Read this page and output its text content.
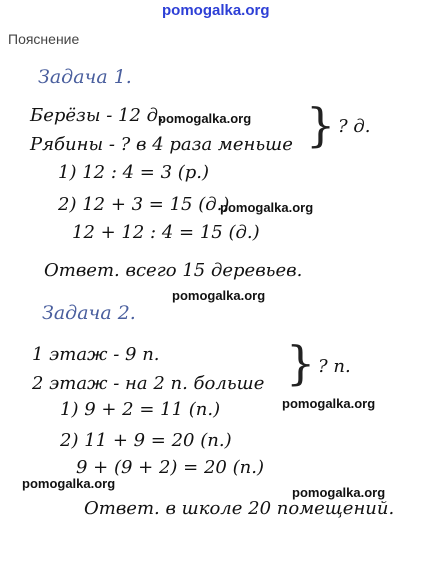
pomogalka.org
Пояснение
Задача 1.
Берёзы - 12 д.
Рябины - ? в 4 раза меньше } ? д.
1) 12 : 4 = 3 (р.)
2) 12 + 3 = 15 (д.)
12 + 12 : 4 = 15 (д.)
Ответ. всего 15 деревьев.
Задача 2.
1 этаж - 9 п.
2 этаж - на 2 п. больше } ? п.
1) 9 + 2 = 11 (п.)
2) 11 + 9 = 20 (п.)
9 + (9 + 2) = 20 (п.)
Ответ. в школе 20 помещений.
pomogalka.org
pomogalka.org
pomogalka.org
pomogalka.org
pomogalka.org
pomogalka.org
